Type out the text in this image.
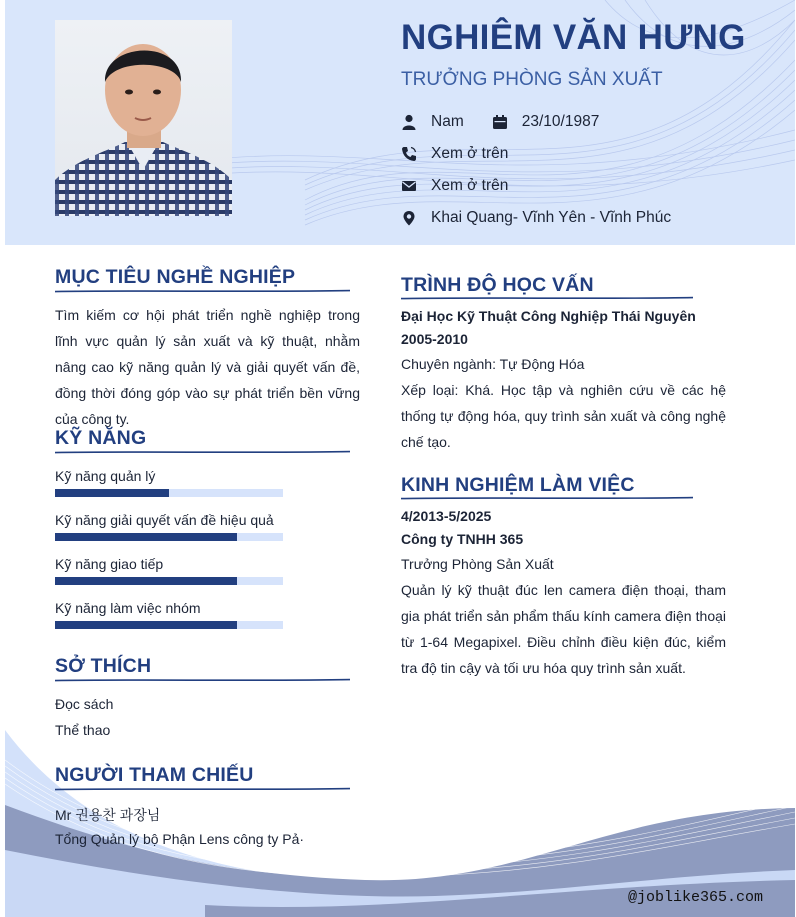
NGHIÊM VĂN HƯNG
TRƯỞNG PHÒNG SẢN XUẤT
Nam	23/10/1987
Xem ở trên
Xem ở trên
Khai Quang- Vĩnh Yên - Vĩnh Phúc
MỤC TIÊU NGHỀ NGHIỆP
Tìm kiếm cơ hội phát triển nghề nghiệp trong lĩnh vực quản lý sản xuất và kỹ thuật, nhằm nâng cao kỹ năng quản lý và giải quyết vấn đề, đồng thời đóng góp vào sự phát triển bền vững của công ty.
KỸ NĂNG
Kỹ năng quản lý
Kỹ năng giải quyết vấn đề hiệu quả
Kỹ năng giao tiếp
Kỹ năng làm việc nhóm
SỞ THÍCH
Đọc sách
Thể thao
NGƯỜI THAM CHIẾU
Mr 권용찬 과장님
Tổng Quản lý bộ Phận Lens công ty Pả·
TRÌNH ĐỘ HỌC VẤN
Đại Học Kỹ Thuật Công Nghiệp Thái Nguyên
2005-2010
Chuyên ngành: Tự Động Hóa
Xếp loại: Khá. Học tập và nghiên cứu về các hệ thống tự động hóa, quy trình sản xuất và công nghệ chế tạo.
KINH NGHIỆM LÀM VIỆC
4/2013-5/2025
Công ty TNHH 365
Trưởng Phòng Sản Xuất
Quản lý kỹ thuật đúc len camera điện thoại, tham gia phát triển sản phẩm thấu kính camera điện thoại từ 1-64 Megapixel. Điều chỉnh điều kiện đúc, kiểm tra độ tin cậy và tối ưu hóa quy trình sản xuất.
@joblike365.com
